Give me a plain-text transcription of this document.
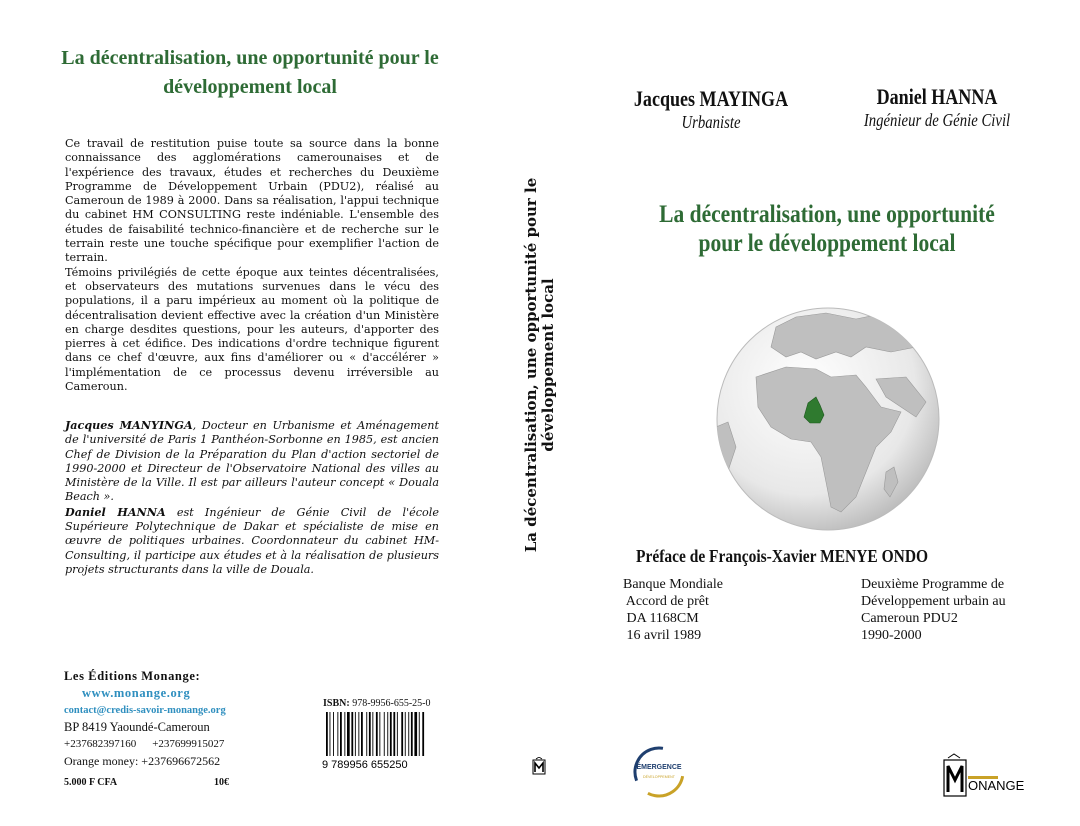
La décentralisation, une opportunité pour le développement local

Ce travail de restitution puise toute sa source dans la bonne connaissance des agglomérations camerounaises et de l'expérience des travaux, études et recherches du Deuxième Programme de Développement Urbain (PDU2), réalisé au Cameroun de 1989 à 2000. Dans sa réalisation, l'appui technique du cabinet HM CONSULTING reste indéniable. L'ensemble des études de faisabilité technico-financière et de recherche sur le terrain reste une touche spécifique pour exemplifier l'action de terrain.

Témoins privilégiés de cette époque aux teintes décentralisées, et observateurs des mutations survenues dans le vécu des populations, il a paru impérieux au moment où la politique de décentralisation devient effective avec la création d'un Ministère en charge desdites questions, pour les auteurs, d'apporter des pierres à cet édifice. Des indications d'ordre technique figurent dans ce chef d'œuvre, aux fins d'améliorer ou « d'accélérer » l'implémentation de ce processus devenu irréversible au Cameroun.

Jacques MANYINGA, Docteur en Urbanisme et Aménagement de l'université de Paris 1 Panthéon-Sorbonne en 1985, est ancien Chef de Division de la Préparation du Plan d'action sectoriel de 1990-2000 et Directeur de l'Observatoire National des villes au Ministère de la Ville. Il est par ailleurs l'auteur concept « Douala Beach ».

Daniel HANNA est Ingénieur de Génie Civil de l'école Supérieure Polytechnique de Dakar et spécialiste de mise en œuvre de politiques urbaines. Coordonnateur du cabinet HM-Consulting, il participe aux études et à la réalisation de plusieurs projets structurants dans la ville de Douala.

Les Éditions Monange:
www.monange.org
contact@credis-savoir-monange.org
BP 8419 Yaoundé-Cameroun
+237682397160 +237699915027
Orange money: +237696672562
5.000 F CFA	10€
ISBN: 978-9956-655-25-0
9 789956 655250
La décentralisation, une opportunité pour le développement local
Jacques MAYINGA
Urbaniste
Daniel HANNA
Ingénieur de Génie Civil
La décentralisation, une opportunité pour le développement local
Préface de François-Xavier MENYE ONDO
Banque Mondiale
Accord de prêt
DA 1168CM
16 avril 1989
Deuxième Programme de
Développement urbain au
Cameroun PDU2
1990-2000
ÉMERGENCE
DÉVELOPPEMENT
ONANGE
